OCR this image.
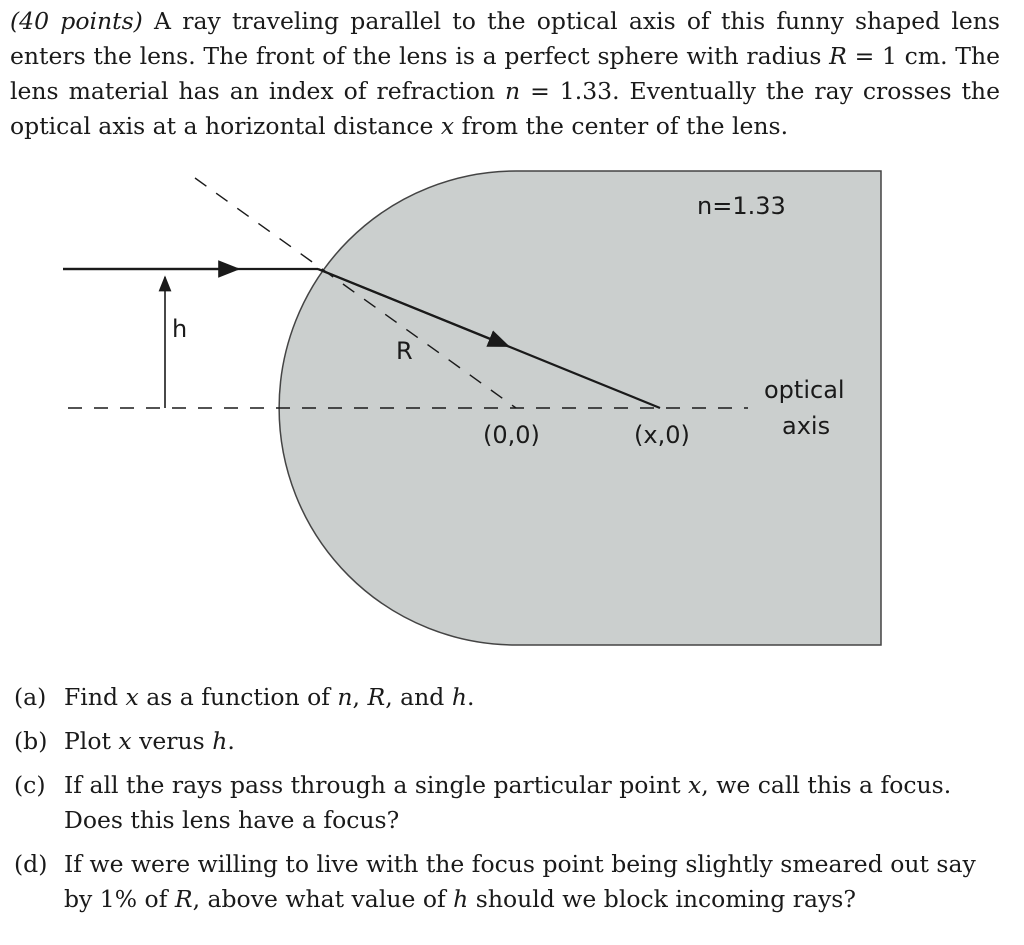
(40 points) A ray traveling parallel to the optical axis of this funny shaped lens enters the lens. The front of the lens is a perfect sphere with radius R = 1 cm. The lens material has an index of refraction n = 1.33. Eventually the ray crosses the optical axis at a horizontal distance x from the center of the lens.
n=1.33
h
R
(0,0)	(x,0)
optical
axis
(a) Find x as a function of n, R, and h.
(b) Plot x verus h.
(c) If all the rays pass through a single particular point x, we call this a focus. Does this lens have a focus?
(d) If we were willing to live with the focus point being slightly smeared out say by 1% of R, above what value of h should we block incoming rays?
